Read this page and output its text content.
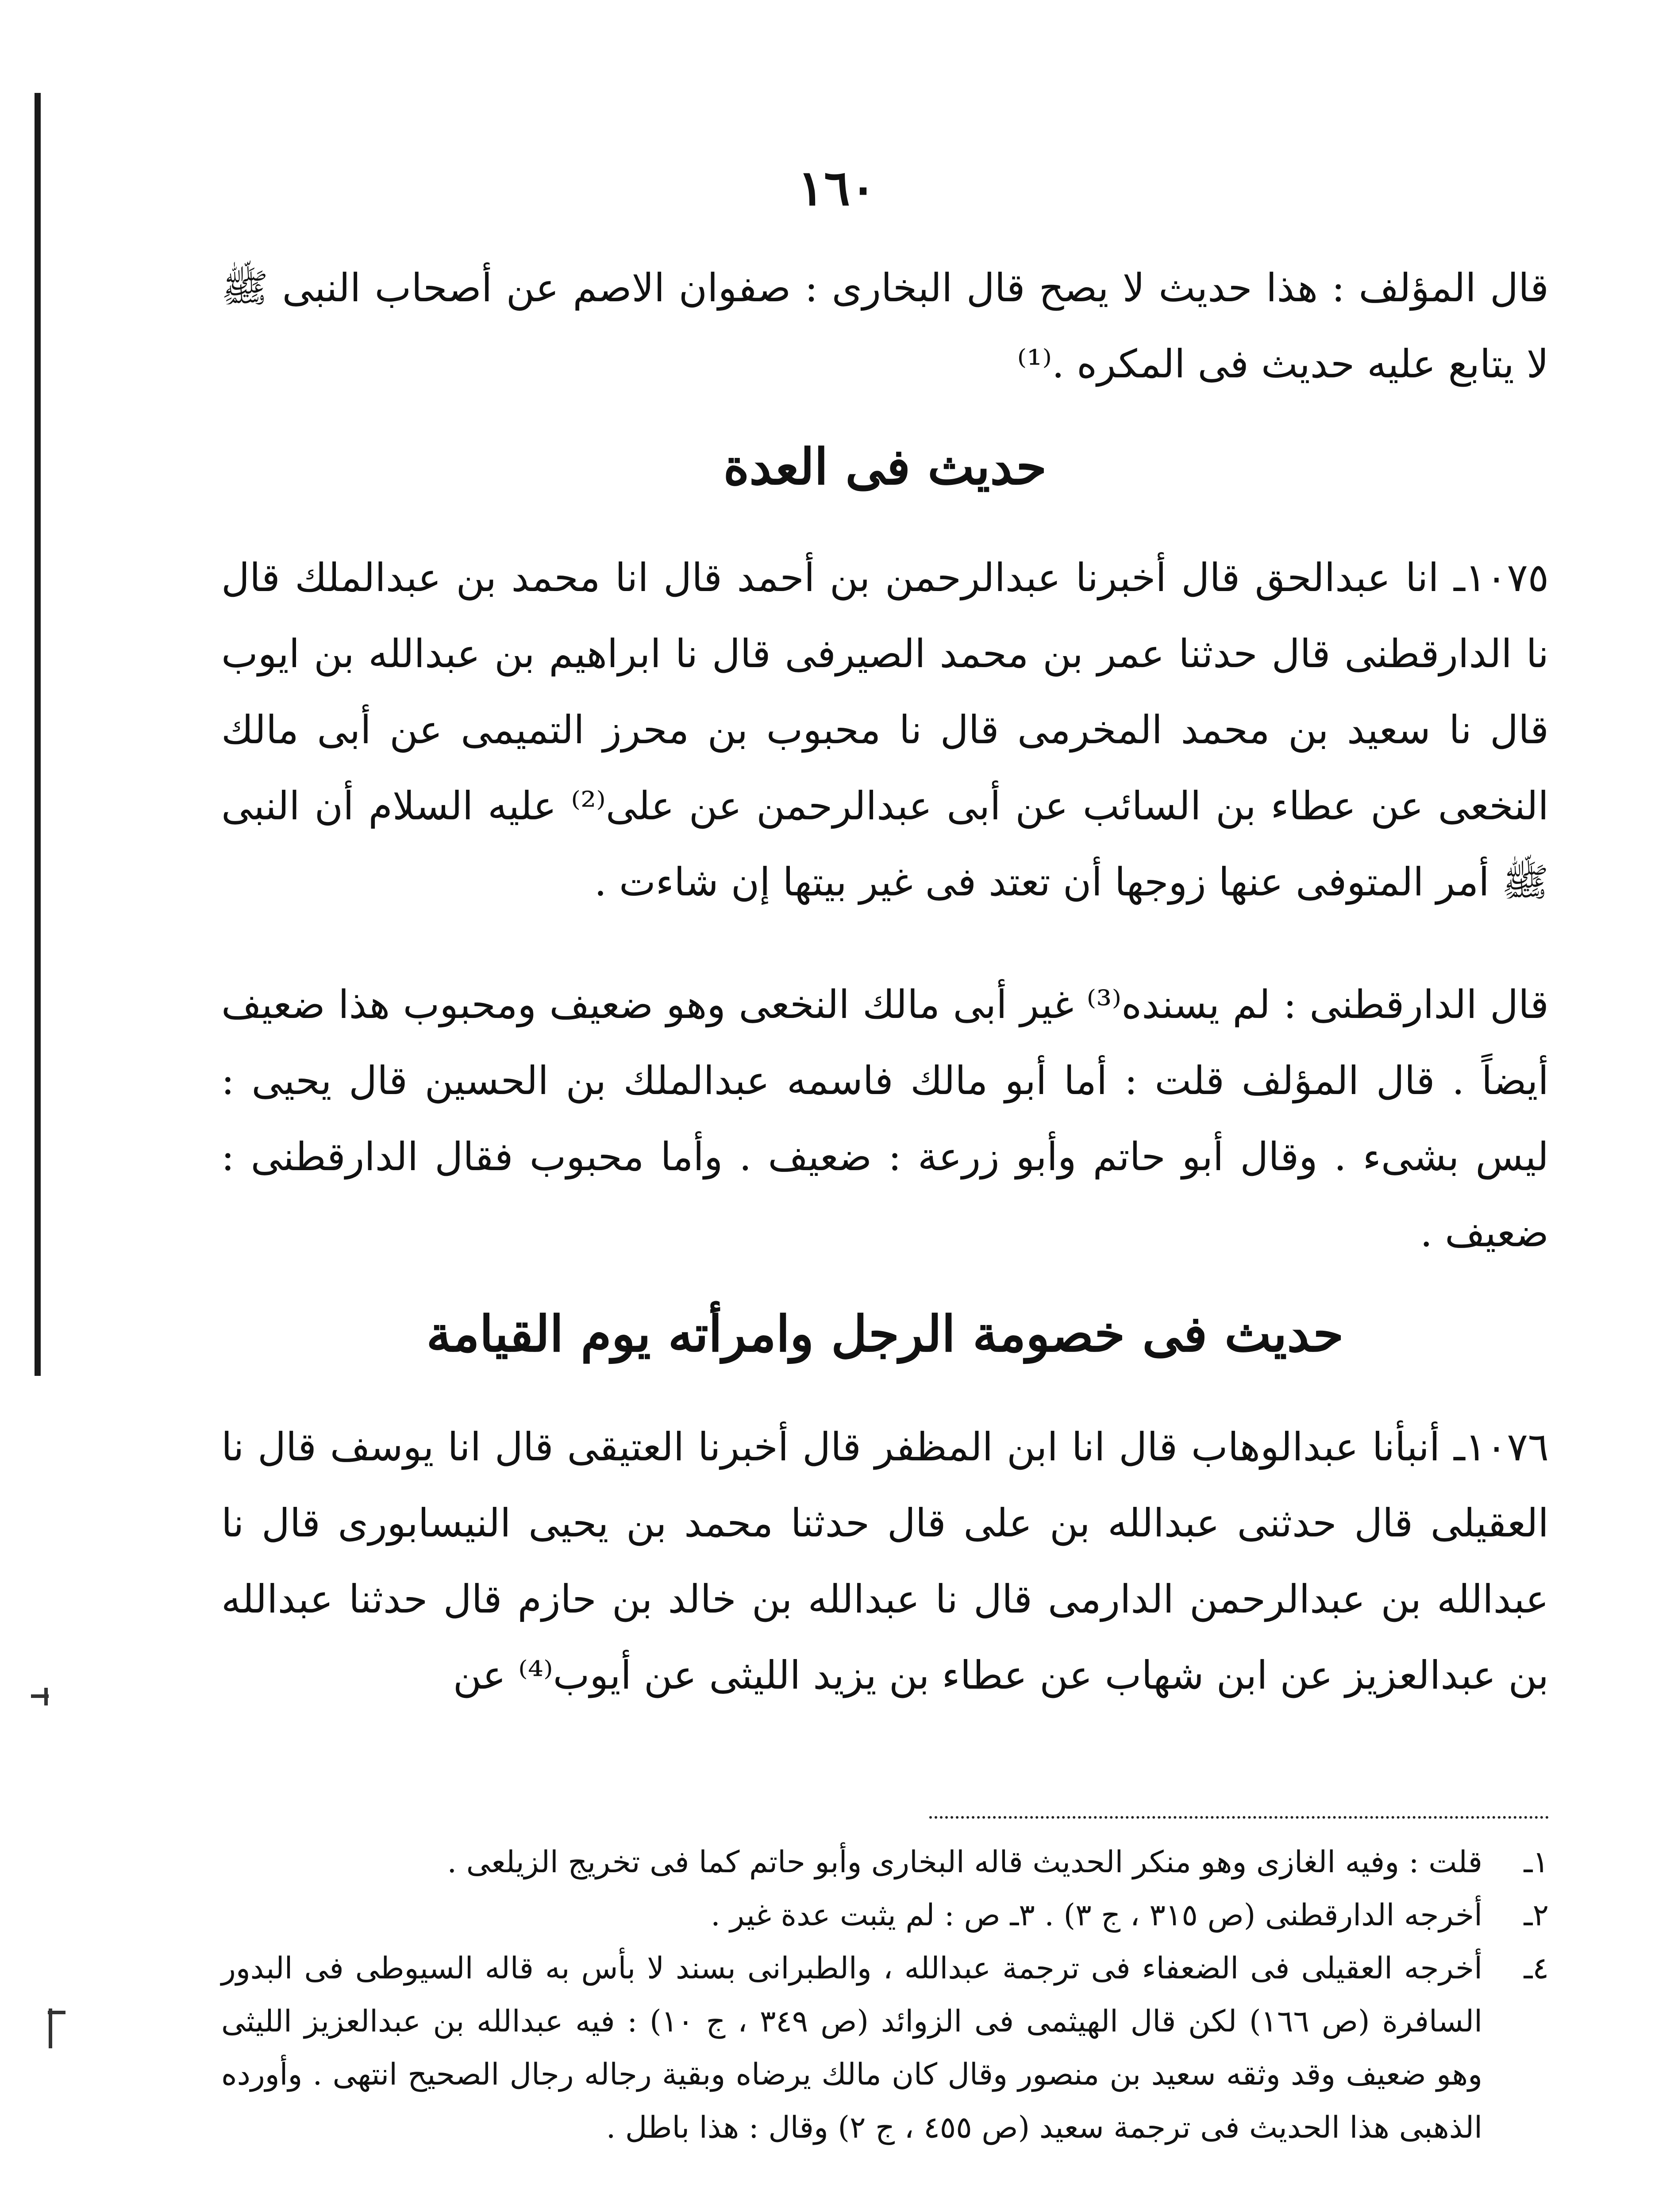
١٦٠
قال المؤلف : هذا حديث لا يصح قال البخارى : صفوان الاصم عن أصحاب النبى ﷺ لا يتابع عليه حديث فى المكره .⁽¹⁾
حديث فى العدة
١٠٧٥ـ انا عبدالحق قال أخبرنا عبدالرحمن بن أحمد قال انا محمد بن عبدالملك قال نا الدارقطنى قال حدثنا عمر بن محمد الصيرفى قال نا ابراهيم بن عبدالله بن ايوب قال نا سعيد بن محمد المخرمى قال نا محبوب بن محرز التميمى عن أبى مالك النخعى عن عطاء بن السائب عن أبى عبدالرحمن عن على⁽²⁾ عليه السلام أن النبى ﷺ أمر المتوفى عنها زوجها أن تعتد فى غير بيتها إن شاءت .
قال الدارقطنى : لم يسنده⁽³⁾ غير أبى مالك النخعى وهو ضعيف ومحبوب هذا ضعيف أيضاً . قال المؤلف قلت : أما أبو مالك فاسمه عبدالملك بن الحسين قال يحيى : ليس بشىء . وقال أبو حاتم وأبو زرعة : ضعيف . وأما محبوب فقال الدارقطنى : ضعيف .
حديث فى خصومة الرجل وامرأته يوم القيامة
١٠٧٦ـ أنبأنا عبدالوهاب قال انا ابن المظفر قال أخبرنا العتيقى قال انا يوسف قال نا العقيلى قال حدثنى عبدالله بن على قال حدثنا محمد بن يحيى النيسابورى قال نا عبدالله بن عبدالرحمن الدارمى قال نا عبدالله بن خالد بن حازم قال حدثنا عبدالله بن عبدالعزيز عن ابن شهاب عن عطاء بن يزيد الليثى عن أيوب⁽⁴⁾ عن
١ـ
قلت : وفيه الغازى وهو منكر الحديث قاله البخارى وأبو حاتم كما فى تخريج الزيلعى .
٢ـ
أخرجه الدارقطنى (ص ٣١٥ ، ج ٣) . ٣ـ ص : لم يثبت عدة غير .
٤ـ
أخرجه العقيلى فى الضعفاء فى ترجمة عبدالله ، والطبرانى بسند لا بأس به قاله السيوطى فى البدور السافرة (ص ١٦٦) لكن قال الهيثمى فى الزوائد (ص ٣٤٩ ، ج ١٠) : فيه عبدالله بن عبدالعزيز الليثى وهو ضعيف وقد وثقه سعيد بن منصور وقال كان مالك يرضاه وبقية رجاله رجال الصحيح انتهى . وأورده الذهبى هذا الحديث فى ترجمة سعيد (ص ٤٥٥ ، ج ٢) وقال : هذا باطل .
